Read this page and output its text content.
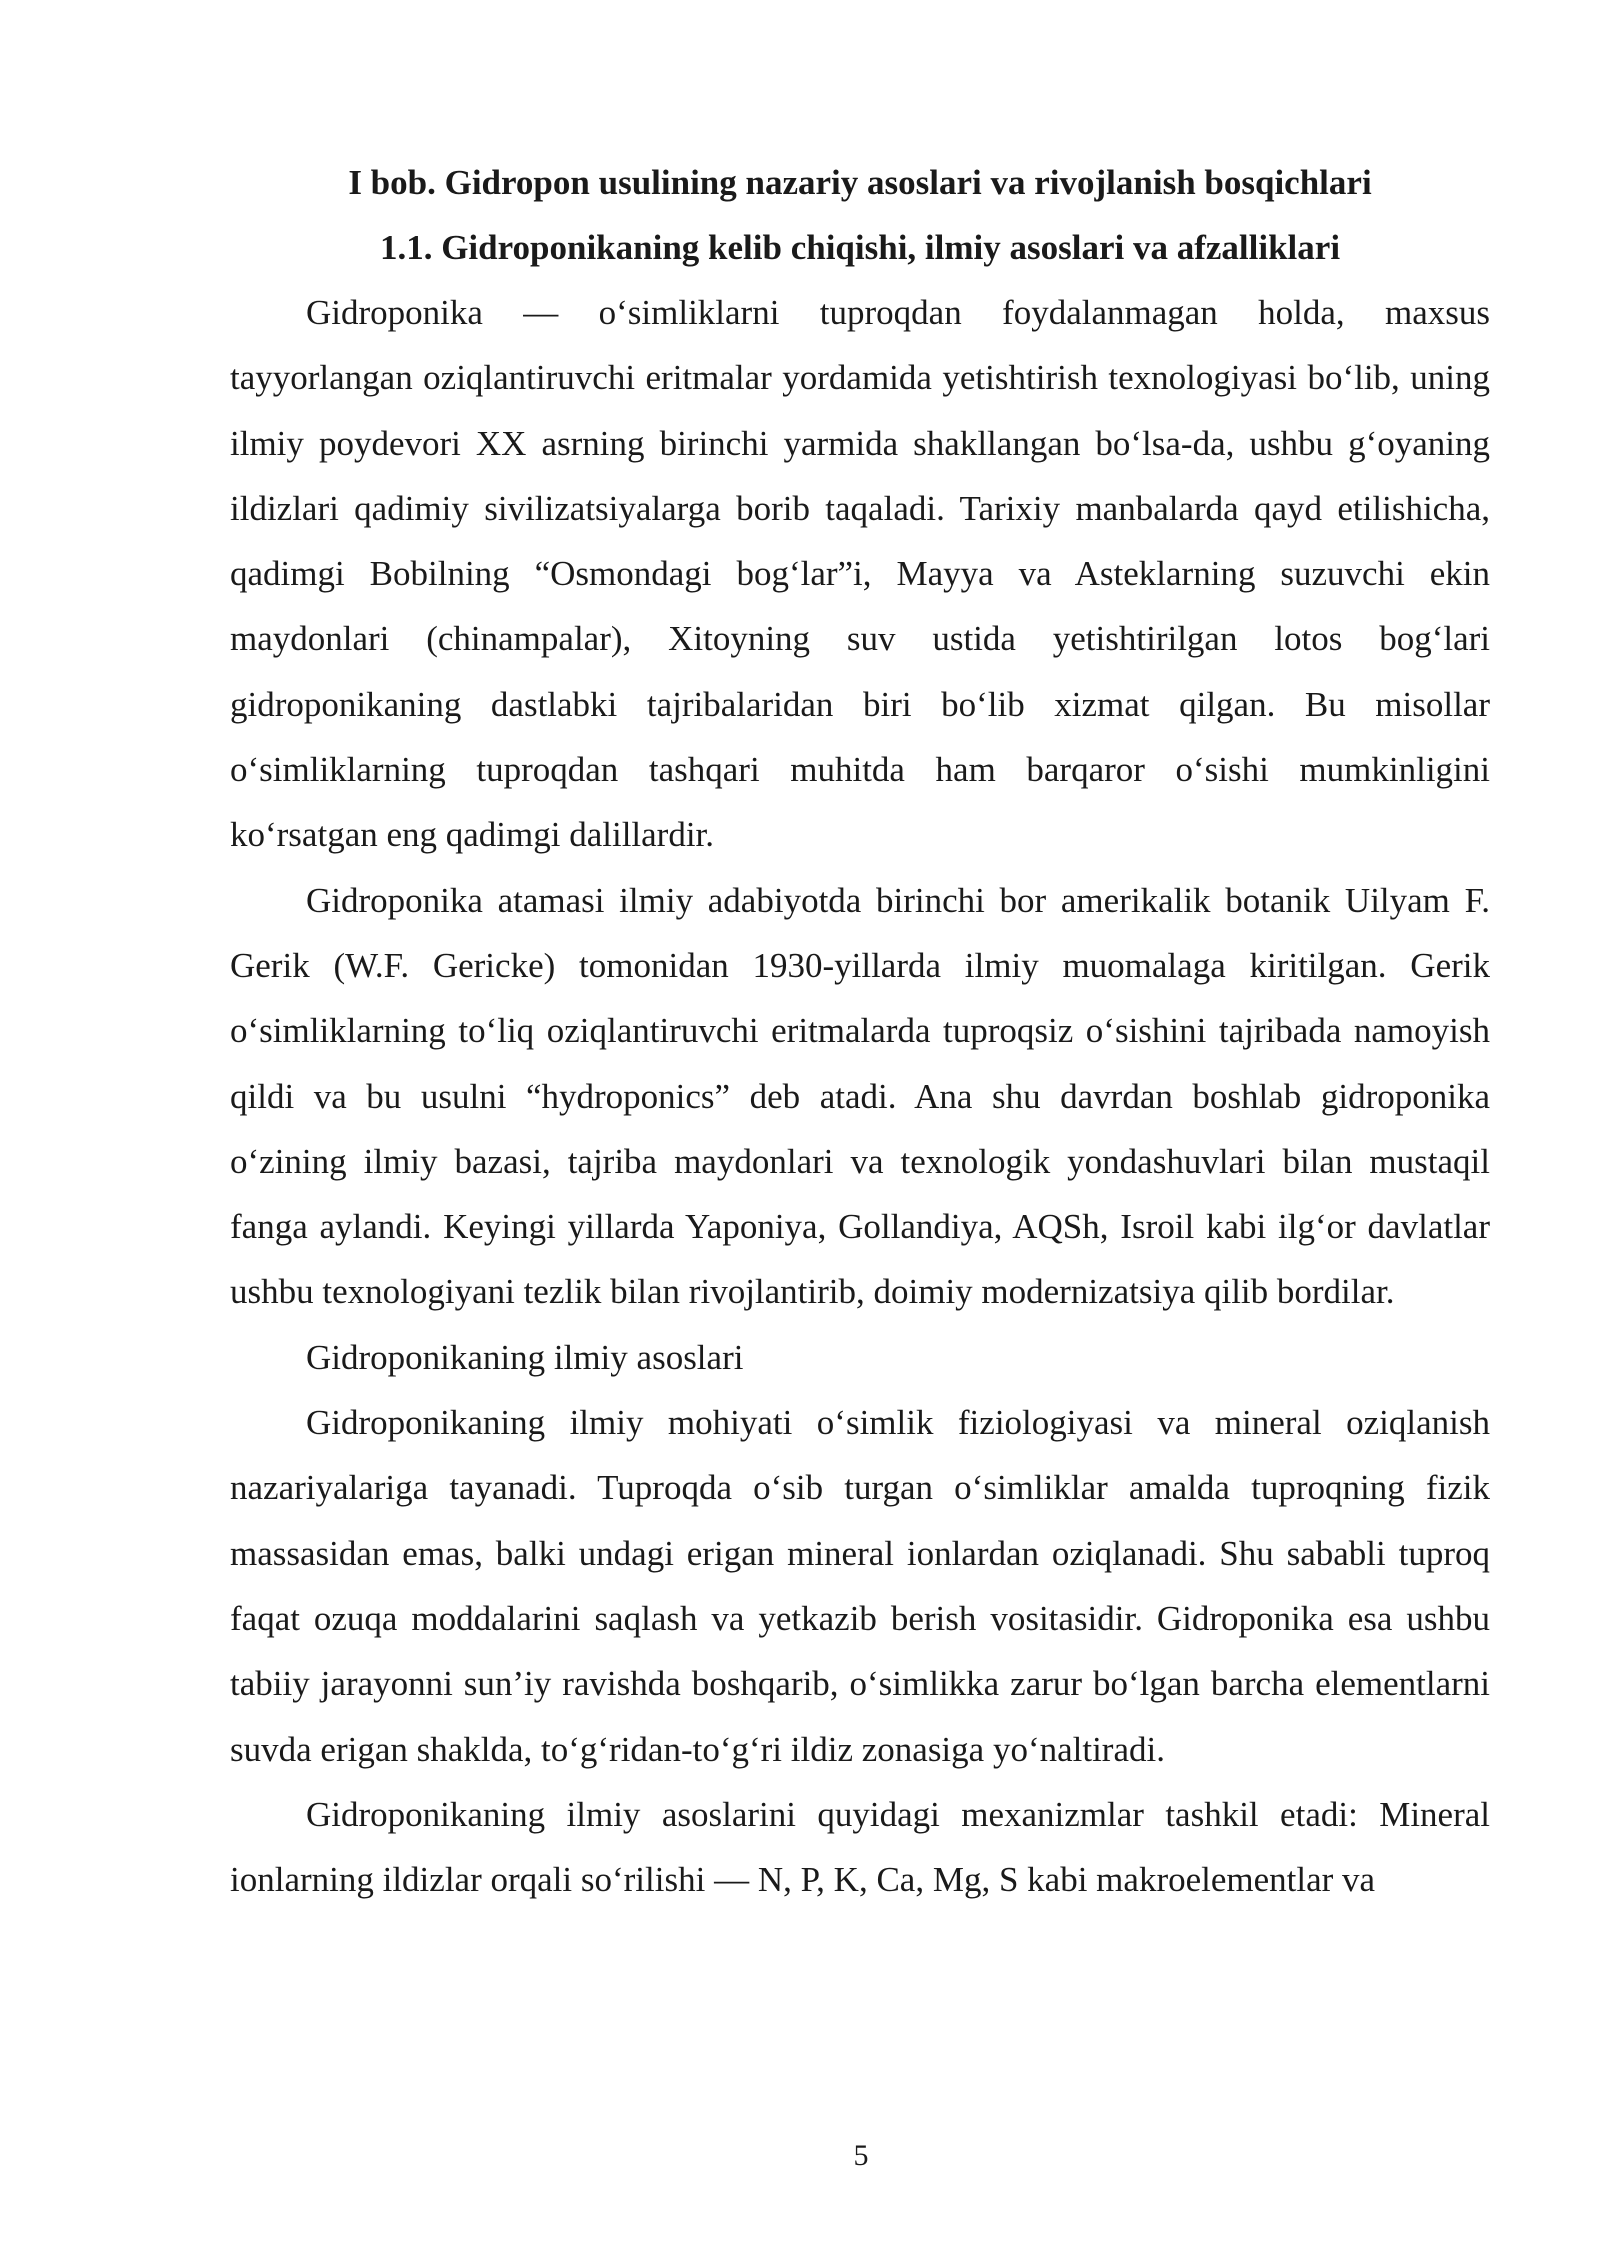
I bob. Gidropon usulining nazariy asoslari va rivojlanish bosqichlari
1.1. Gidroponikaning kelib chiqishi, ilmiy asoslari va afzalliklari

Gidroponika — o‘simliklarni tuproqdan foydalanmagan holda, maxsus tayyorlangan oziqlantiruvchi eritmalar yordamida yetishtirish texnologiyasi bo‘lib, uning ilmiy poydevori XX asrning birinchi yarmida shakllangan bo‘lsa-da, ushbu g‘oyaning ildizlari qadimiy sivilizatsiyalarga borib taqaladi. Tarixiy manbalarda qayd etilishicha, qadimgi Bobilning “Osmondagi bog‘lar”i, Mayya va Asteklarning suzuvchi ekin maydonlari (chinampalar), Xitoyning suv ustida yetishtirilgan lotos bog‘lari gidroponikaning dastlabki tajribalaridan biri bo‘lib xizmat qilgan. Bu misollar o‘simliklarning tuproqdan tashqari muhitda ham barqaror o‘sishi mumkinligini ko‘rsatgan eng qadimgi dalillardir.

Gidroponika atamasi ilmiy adabiyotda birinchi bor amerikalik botanik Uilyam F. Gerik (W.F. Gericke) tomonidan 1930-yillarda ilmiy muomalaga kiritilgan. Gerik o‘simliklarning to‘liq oziqlantiruvchi eritmalarda tuproqsiz o‘sishini tajribada namoyish qildi va bu usulni “hydroponics” deb atadi. Ana shu davrdan boshlab gidroponika o‘zining ilmiy bazasi, tajriba maydonlari va texnologik yondashuvlari bilan mustaqil fanga aylandi. Keyingi yillarda Yaponiya, Gollandiya, AQSh, Isroil kabi ilg‘or davlatlar ushbu texnologiyani tezlik bilan rivojlantirib, doimiy modernizatsiya qilib bordilar.

Gidroponikaning ilmiy asoslari

Gidroponikaning ilmiy mohiyati o‘simlik fiziologiyasi va mineral oziqlanish nazariyalariga tayanadi. Tuproqda o‘sib turgan o‘simliklar amalda tuproqning fizik massasidan emas, balki undagi erigan mineral ionlardan oziqlanadi. Shu sababli tuproq faqat ozuqa moddalarini saqlash va yetkazib berish vositasidir. Gidroponika esa ushbu tabiiy jarayonni sun’iy ravishda boshqarib, o‘simlikka zarur bo‘lgan barcha elementlarni suvda erigan shaklda, to‘g‘ridan-to‘g‘ri ildiz zonasiga yo‘naltiradi.

Gidroponikaning ilmiy asoslarini quyidagi mexanizmlar tashkil etadi: Mineral ionlarning ildizlar orqali so‘rilishi — N, P, K, Ca, Mg, S kabi makroelementlar va

5
